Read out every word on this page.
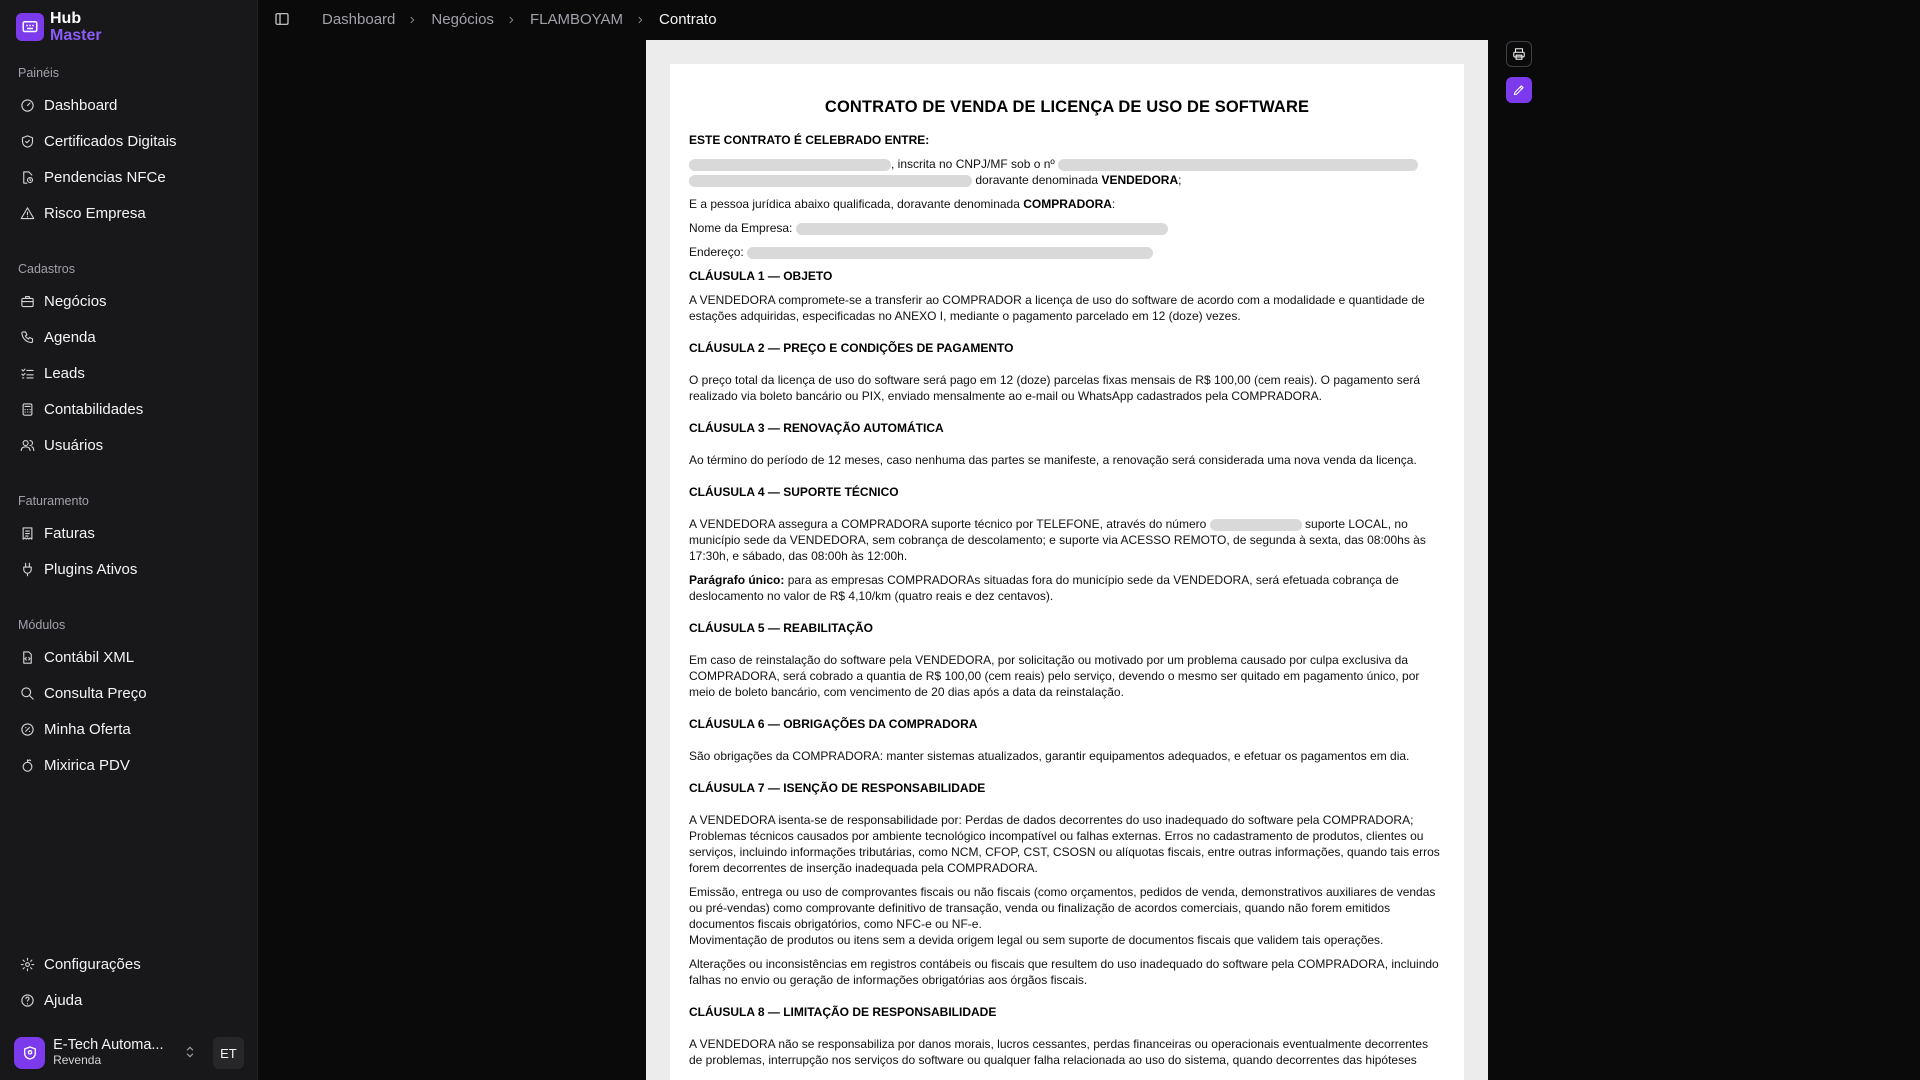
Hub
Master
Painéis
Dashboard
Certificados Digitais
Pendencias NFCe
Risco Empresa
Cadastros
Negócios
Agenda
Leads
Contabilidades
Usuários
Faturamento
Faturas
Plugins Ativos
Módulos
Contábil XML
Consulta Preço
Minha Oferta
Mixirica PDV
Configurações
Ajuda
E-Tech Automa...
Revenda	ET
Dashboard Negócios FLAMBOYAM Contrato
CONTRATO DE VENDA DE LICENÇA DE USO DE SOFTWARE
ESTE CONTRATO É CELEBRADO ENTRE:
, inscrita no CNPJ/MF sob o nº
doravante denominada VENDEDORA;
E a pessoa jurídica abaixo qualificada, doravante denominada COMPRADORA:
Nome da Empresa:
Endereço:
CLÁUSULA 1 — OBJETO
A VENDEDORA compromete-se a transferir ao COMPRADOR a licença de uso do software de acordo com a modalidade e quantidade de
estações adquiridas, especificadas no ANEXO I, mediante o pagamento parcelado em 12 (doze) vezes.
CLÁUSULA 2 — PREÇO E CONDIÇÕES DE PAGAMENTO
O preço total da licença de uso do software será pago em 12 (doze) parcelas fixas mensais de R$ 100,00 (cem reais). O pagamento será
realizado via boleto bancário ou PIX, enviado mensalmente ao e-mail ou WhatsApp cadastrados pela COMPRADORA.
CLÁUSULA 3 — RENOVAÇÃO AUTOMÁTICA
Ao término do período de 12 meses, caso nenhuma das partes se manifeste, a renovação será considerada uma nova venda da licença.
CLÁUSULA 4 — SUPORTE TÉCNICO
A VENDEDORA assegura a COMPRADORA suporte técnico por TELEFONE, através do número	suporte LOCAL, no
município sede da VENDEDORA, sem cobrança de descolamento; e suporte via ACESSO REMOTO, de segunda à sexta, das 08:00hs às
17:30h, e sábado, das 08:00h às 12:00h.
Parágrafo único: para as empresas COMPRADORAs situadas fora do município sede da VENDEDORA, será efetuada cobrança de
deslocamento no valor de R$ 4,10/km (quatro reais e dez centavos).
CLÁUSULA 5 — REABILITAÇÃO
Em caso de reinstalação do software pela VENDEDORA, por solicitação ou motivado por um problema causado por culpa exclusiva da
COMPRADORA, será cobrado a quantia de R$ 100,00 (cem reais) pelo serviço, devendo o mesmo ser quitado em pagamento único, por
meio de boleto bancário, com vencimento de 20 dias após a data da reinstalação.
CLÁUSULA 6 — OBRIGAÇÕES DA COMPRADORA
São obrigações da COMPRADORA: manter sistemas atualizados, garantir equipamentos adequados, e efetuar os pagamentos em dia.
CLÁUSULA 7 — ISENÇÃO DE RESPONSABILIDADE
A VENDEDORA isenta-se de responsabilidade por: Perdas de dados decorrentes do uso inadequado do software pela COMPRADORA;
Problemas técnicos causados por ambiente tecnológico incompatível ou falhas externas. Erros no cadastramento de produtos, clientes ou
serviços, incluindo informações tributárias, como NCM, CFOP, CST, CSOSN ou alíquotas fiscais, entre outras informações, quando tais erros
forem decorrentes de inserção inadequada pela COMPRADORA.
Emissão, entrega ou uso de comprovantes fiscais ou não fiscais (como orçamentos, pedidos de venda, demonstrativos auxiliares de vendas
ou pré-vendas) como comprovante definitivo de transação, venda ou finalização de acordos comerciais, quando não forem emitidos
documentos fiscais obrigatórios, como NFC-e ou NF-e.
Movimentação de produtos ou itens sem a devida origem legal ou sem suporte de documentos fiscais que validem tais operações.
Alterações ou inconsistências em registros contábeis ou fiscais que resultem do uso inadequado do software pela COMPRADORA, incluindo
falhas no envio ou geração de informações obrigatórias aos órgãos fiscais.
CLÁUSULA 8 — LIMITAÇÃO DE RESPONSABILIDADE
A VENDEDORA não se responsabiliza por danos morais, lucros cessantes, perdas financeiras ou operacionais eventualmente decorrentes
de problemas, interrupção nos serviços do software ou qualquer falha relacionada ao uso do sistema, quando decorrentes das hipóteses
